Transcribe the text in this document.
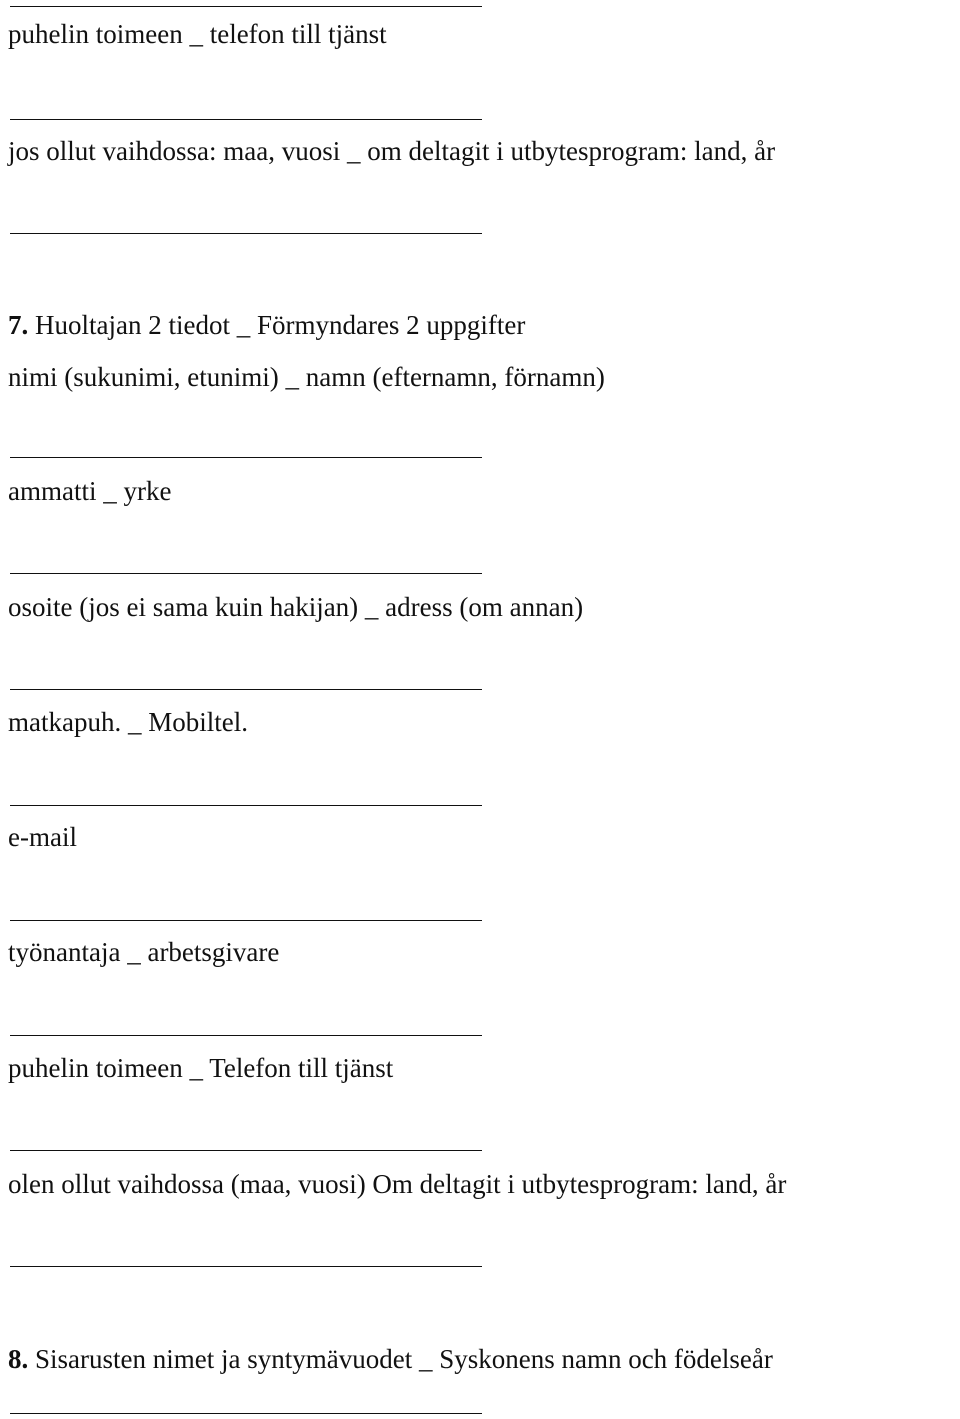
puhelin toimeen _ telefon till tjänst
jos ollut vaihdossa: maa, vuosi _ om deltagit i utbytesprogram: land, år
7. Huoltajan 2 tiedot _ Förmyndares 2 uppgifter
nimi (sukunimi, etunimi) _ namn (efternamn, förnamn)
ammatti _ yrke
osoite (jos ei sama kuin hakijan) _ adress (om annan)
matkapuh. _ Mobiltel.
e-mail
työnantaja _ arbetsgivare
puhelin toimeen _ Telefon till tjänst
olen ollut vaihdossa (maa, vuosi) Om deltagit i utbytesprogram: land, år
8. Sisarusten nimet ja syntymävuodet _ Syskonens namn och födelseår
